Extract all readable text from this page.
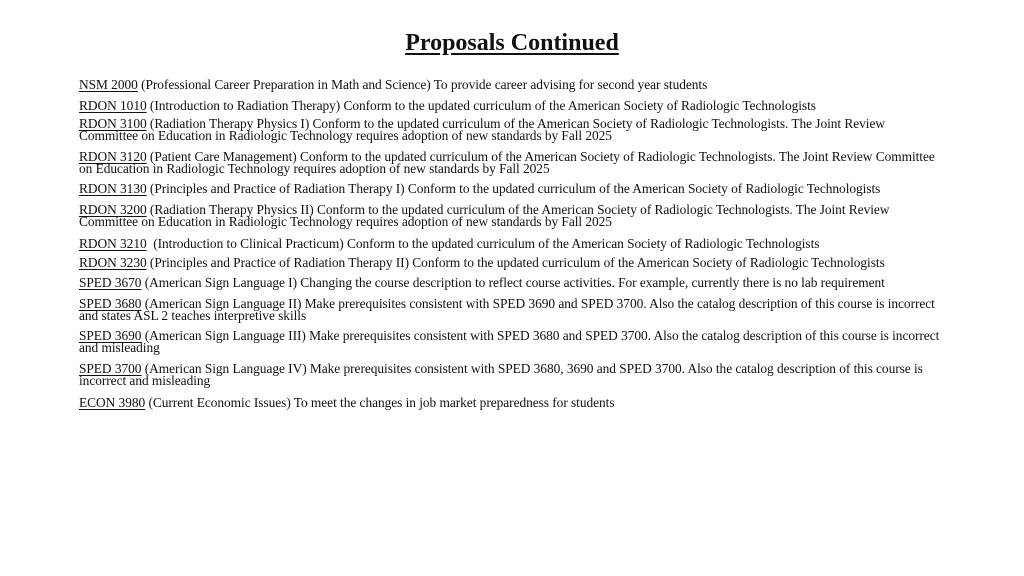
Proposals Continued

NSM 2000 (Professional Career Preparation in Math and Science) To provide career advising for second year students

RDON 1010 (Introduction to Radiation Therapy) Conform to the updated curriculum of the American Society of Radiologic Technologists

RDON 3100 (Radiation Therapy Physics I) Conform to the updated curriculum of the American Society of Radiologic Technologists. The Joint Review Committee on Education in Radiologic Technology requires adoption of new standards by Fall 2025

RDON 3120 (Patient Care Management) Conform to the updated curriculum of the American Society of Radiologic Technologists. The Joint Review Committee on Education in Radiologic Technology requires adoption of new standards by Fall 2025

RDON 3130 (Principles and Practice of Radiation Therapy I) Conform to the updated curriculum of the American Society of Radiologic Technologists

RDON 3200 (Radiation Therapy Physics II) Conform to the updated curriculum of the American Society of Radiologic Technologists. The Joint Review Committee on Education in Radiologic Technology requires adoption of new standards by Fall 2025

RDON 3210  (Introduction to Clinical Practicum) Conform to the updated curriculum of the American Society of Radiologic Technologists

RDON 3230 (Principles and Practice of Radiation Therapy II) Conform to the updated curriculum of the American Society of Radiologic Technologists

SPED 3670 (American Sign Language I) Changing the course description to reflect course activities. For example, currently there is no lab requirement

SPED 3680 (American Sign Language II) Make prerequisites consistent with SPED 3690 and SPED 3700. Also the catalog description of this course is incorrect and states ASL 2 teaches interpretive skills

SPED 3690 (American Sign Language III) Make prerequisites consistent with SPED 3680 and SPED 3700. Also the catalog description of this course is incorrect and misleading

SPED 3700 (American Sign Language IV) Make prerequisites consistent with SPED 3680, 3690 and SPED 3700. Also the catalog description of this course is incorrect and misleading

ECON 3980 (Current Economic Issues) To meet the changes in job market preparedness for students
